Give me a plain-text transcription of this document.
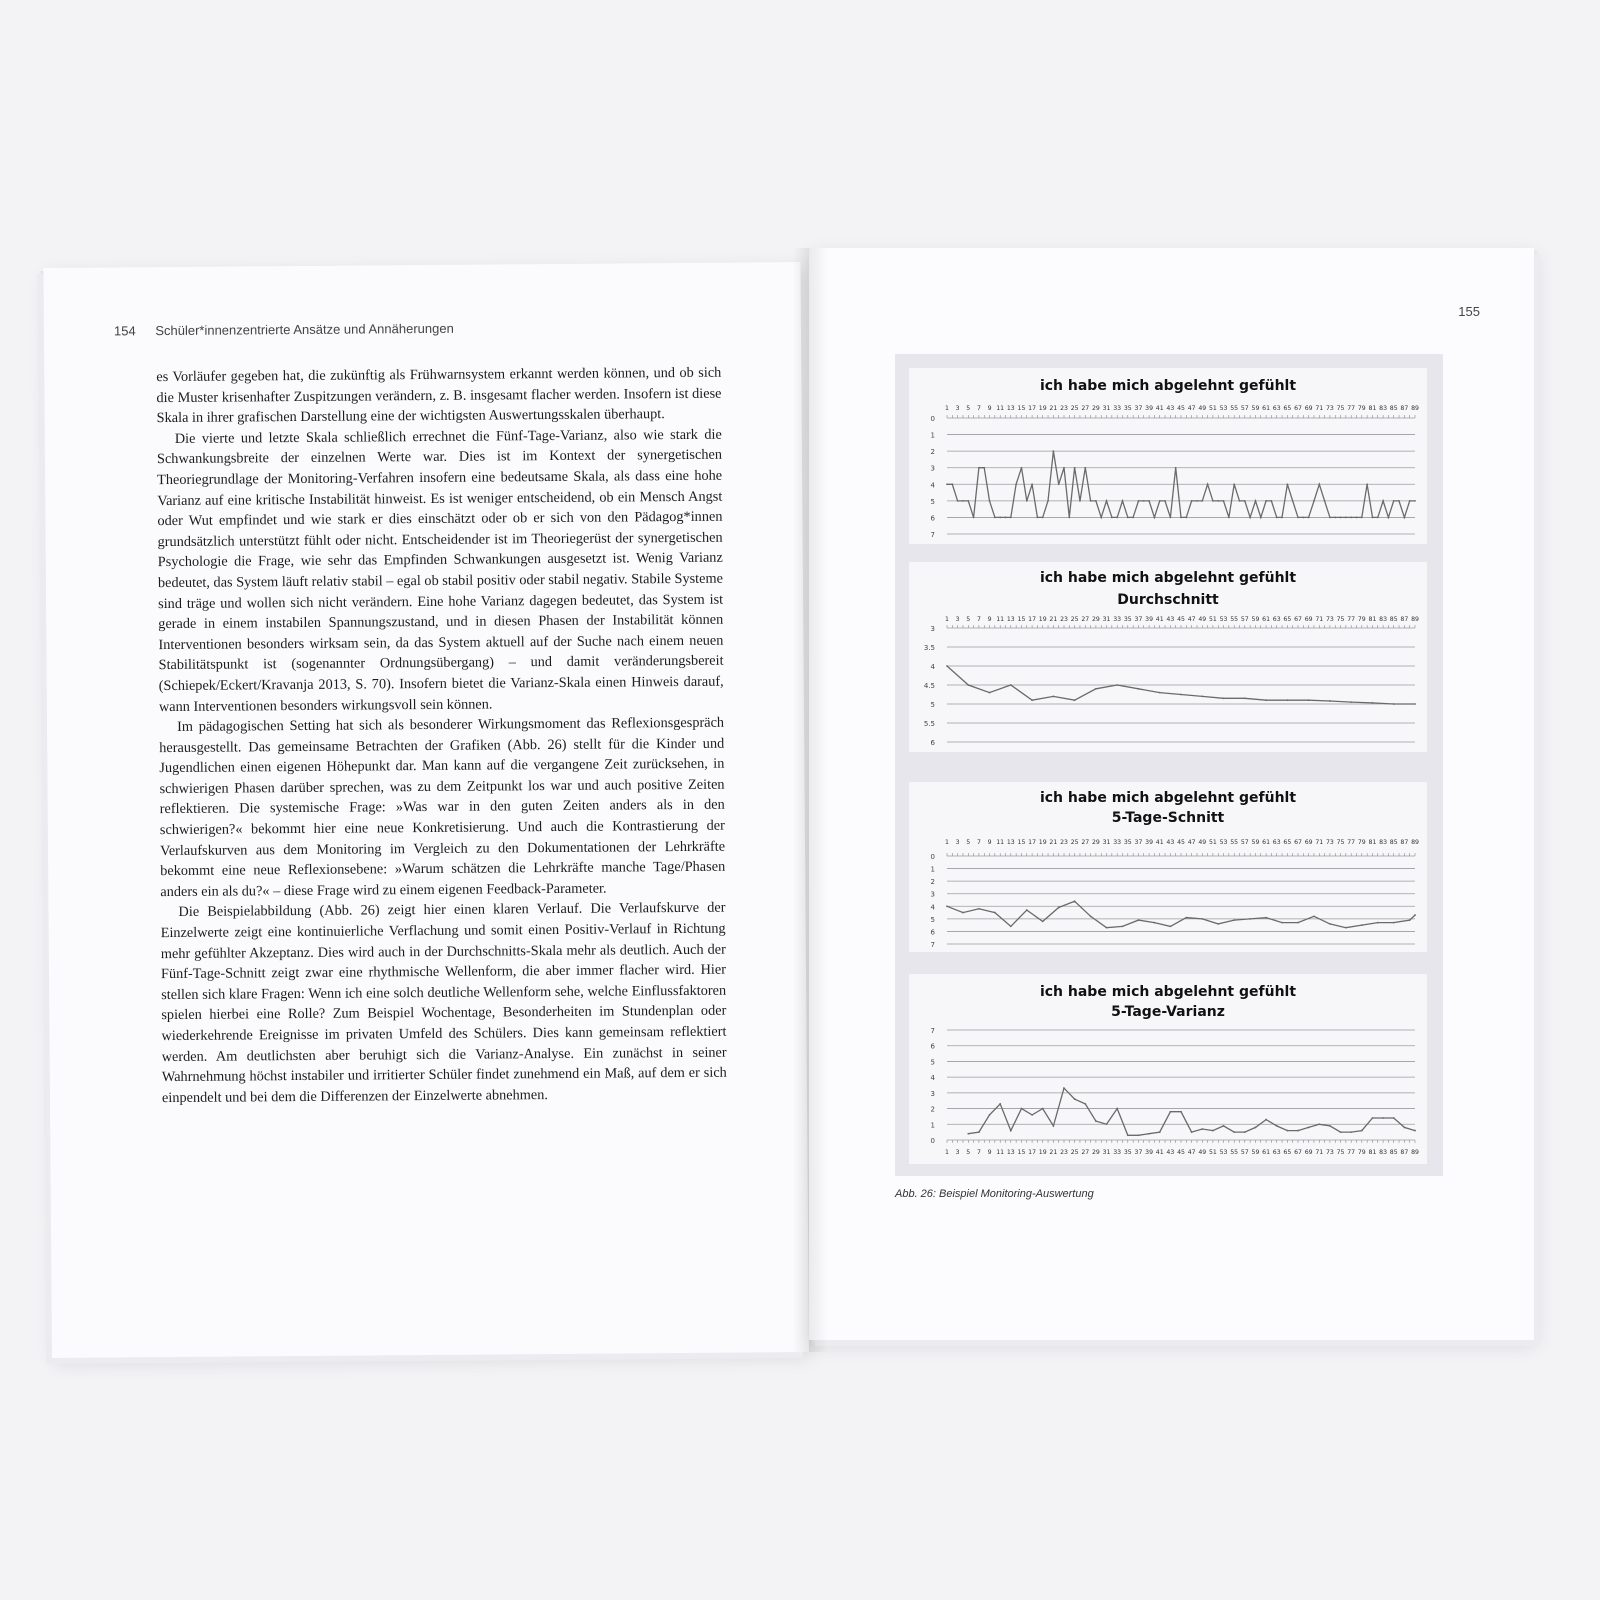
154 Schüler*innenzentrierte Ansätze und Annäherungen

es Vorläufer gegeben hat, die zukünftig als Frühwarnsystem erkannt werden können, und ob sich die Muster krisenhafter Zuspitzungen verändern, z. B. insgesamt flacher werden. Insofern ist diese Skala in ihrer grafischen Darstellung eine der wichtigsten Auswertungsskalen überhaupt.

Die vierte und letzte Skala schließlich errechnet die Fünf-Tage-Varianz, also wie stark die Schwankungsbreite der einzelnen Werte war. Dies ist im Kontext der synergetischen Theoriegrundlage der Monitoring-Verfahren insofern eine bedeutsame Skala, als dass eine hohe Varianz auf eine kritische Instabilität hinweist. Es ist weniger entscheidend, ob ein Mensch Angst oder Wut empfindet und wie stark er dies einschätzt oder ob er sich von den Pädagog*innen grundsätzlich unterstützt fühlt oder nicht. Entscheidender ist im Theoriegerüst der synergetischen Psychologie die Frage, wie sehr das Empfinden Schwankungen ausgesetzt ist. Wenig Varianz bedeutet, das System läuft relativ stabil – egal ob stabil positiv oder stabil negativ. Stabile Systeme sind träge und wollen sich nicht verändern. Eine hohe Varianz dagegen bedeutet, das System ist gerade in einem instabilen Spannungszustand, und in diesen Phasen der Instabilität können Interventionen besonders wirksam sein, da das System aktuell auf der Suche nach einem neuen Stabilitätspunkt ist (sogenannter Ordnungsübergang) – und damit veränderungsbereit (Schiepek/Eckert/Kravanja 2013, S. 70). Insofern bietet die Varianz-Skala einen Hinweis darauf, wann Interventionen besonders wirkungsvoll sein können.

Im pädagogischen Setting hat sich als besonderer Wirkungsmoment das Reflexionsgespräch herausgestellt. Das gemeinsame Betrachten der Grafiken (Abb. 26) stellt für die Kinder und Jugendlichen einen eigenen Höhepunkt dar. Man kann auf die vergangene Zeit zurücksehen, in schwierigen Phasen darüber sprechen, was zu dem Zeitpunkt los war und auch positive Zeiten reflektieren. Die systemische Frage: »Was war in den guten Zeiten anders als in den schwierigen?« bekommt hier eine neue Konkretisierung. Und auch die Kontrastierung der Verlaufskurven aus dem Monitoring im Vergleich zu den Dokumentationen der Lehrkräfte bekommt eine neue Reflexionsebene: »Warum schätzen die Lehrkräfte manche Tage/Phasen anders ein als du?« – diese Frage wird zu einem eigenen Feedback-Parameter.

Die Beispielabbildung (Abb. 26) zeigt hier einen klaren Verlauf. Die Verlaufskurve der Einzelwerte zeigt eine kontinuierliche Verflachung und somit einen Positiv-Verlauf in Richtung mehr gefühlter Akzeptanz. Dies wird auch in der Durchschnitts-Skala mehr als deutlich. Auch der Fünf-Tage-Schnitt zeigt zwar eine rhythmische Wellenform, die aber immer flacher wird. Hier stellen sich klare Fragen: Wenn ich eine solch deutliche Wellenform sehe, welche Einflussfaktoren spielen hierbei eine Rolle? Zum Beispiel Wochentage, Besonderheiten im Stundenplan oder wiederkehrende Ereignisse im privaten Umfeld des Schülers. Dies kann gemeinsam reflektiert werden. Am deutlichsten aber beruhigt sich die Varianz-Analyse. Ein zunächst in seiner Wahrnehmung höchst instabiler und irritierter Schüler findet zunehmend ein Maß, auf dem er sich einpendelt und bei dem die Differenzen der Einzelwerte abnehmen.

155
ich habe mich abgelehnt gefühlt
0
1
2
3
4
5
6
7
1 3 5 7 9 11 13 15 17 19 21 23 25 27 29 31 33 35 37 39 41 43 45 47 49 51 53 55 57 59 61 63 65 67 69 71 73 75 77 79 81 83 85 87 89
ich habe mich abgelehnt gefühlt
Durchschnitt
3
3.5
4
4.5
5
5.5
6
1 3 5 7 9 11 13 15 17 19 21 23 25 27 29 31 33 35 37 39 41 43 45 47 49 51 53 55 57 59 61 63 65 67 69 71 73 75 77 79 81 83 85 87 89
ich habe mich abgelehnt gefühlt
5-Tage-Schnitt
0
1
2
3
4
5
6
7
1 3 5 7 9 11 13 15 17 19 21 23 25 27 29 31 33 35 37 39 41 43 45 47 49 51 53 55 57 59 61 63 65 67 69 71 73 75 77 79 81 83 85 87 89
ich habe mich abgelehnt gefühlt
5-Tage-Varianz
7
6
5
4
3
2
1
0
1 3 5 7 9 11 13 15 17 19 21 23 25 27 29 31 33 35 37 39 41 43 45 47 49 51 53 55 57 59 61 63 65 67 69 71 73 75 77 79 81 83 85 87 89
Abb. 26: Beispiel Monitoring-Auswertung
